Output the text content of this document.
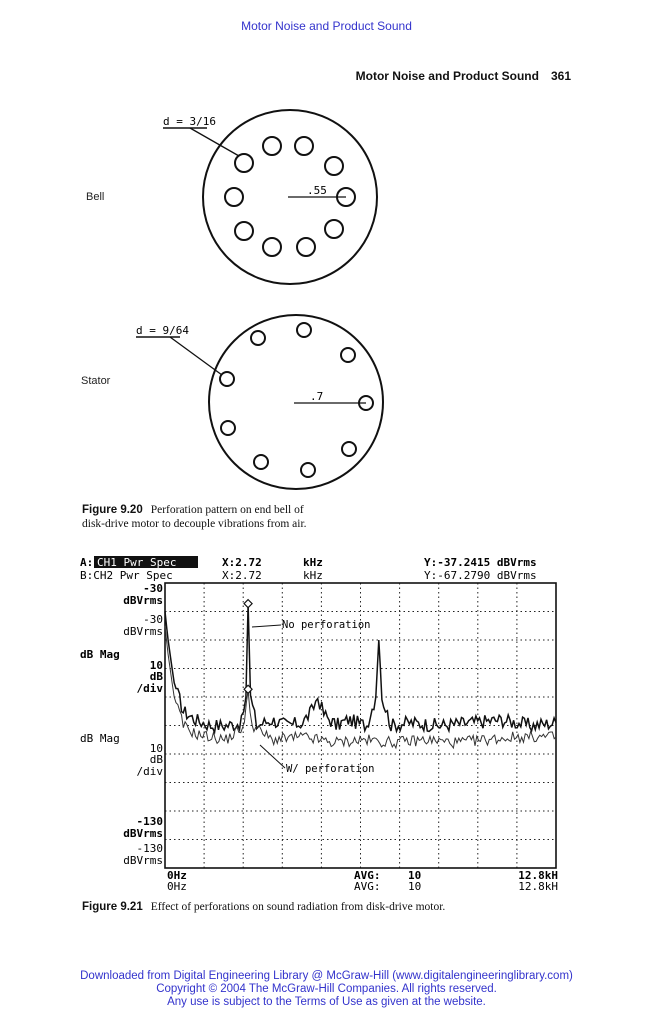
Motor Noise and Product Sound
Motor Noise and Product Sound 361
Bell
Stator
d = 3/16
.55
d = 9/64
.7
Figure 9.20 Perforation pattern on end bell of
disk-drive motor to decouple vibrations from air.
A: CH1 Pwr Spec
B:CH2 Pwr Spec
X:2.72
X:2.72
kHz
kHz
Y:-37.2415 dBVrms
Y:-67.2790 dBVrms
-30
dBVrms
-30
dBVrms
dB Mag
10
dB
/div
dB Mag
10
dB
/div
-130
dBVrms
-130
dBVrms
No perforation
W/ perforation
0Hz
0Hz
AVG:	10
AVG:	10
12.8kH
12.8kH
Figure 9.21 Effect of perforations on sound radiation from disk-drive motor.
Downloaded from Digital Engineering Library @ McGraw-Hill (www.digitalengineeringlibrary.com)
Copyright © 2004 The McGraw-Hill Companies. All rights reserved.
Any use is subject to the Terms of Use as given at the website.
